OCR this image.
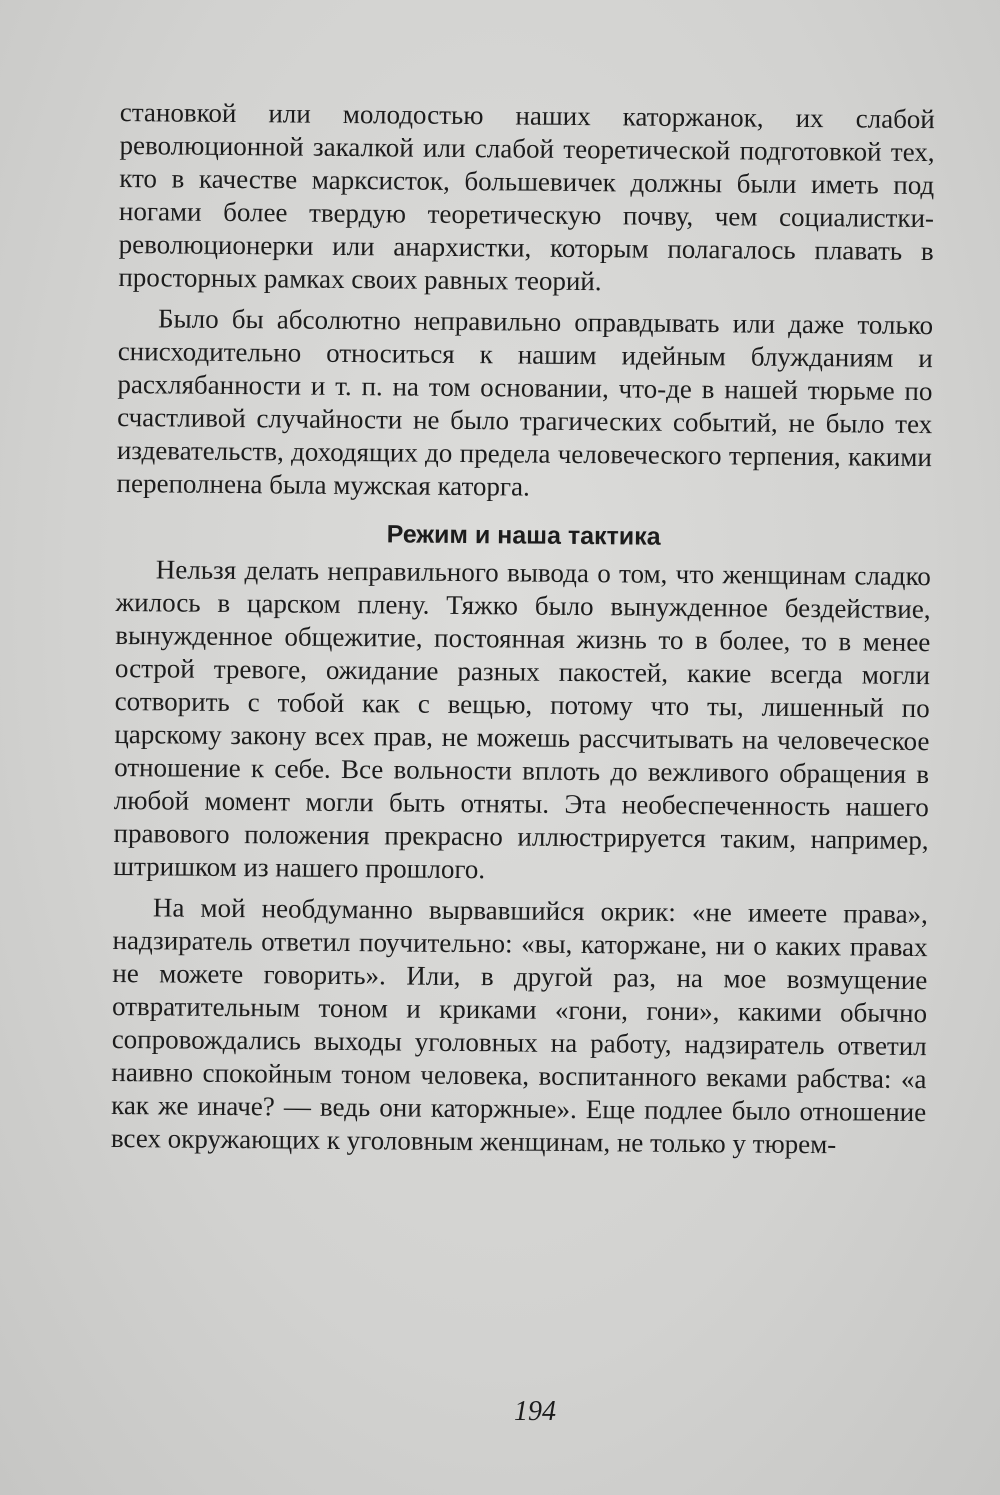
становкой или молодостью наших каторжанок, их слабой революционной закалкой или слабой теоретической подготовкой тех, кто в качестве марксисток, большевичек должны были иметь под ногами более твердую теоретическую почву, чем социалистки-революционерки или анархистки, которым полагалось плавать в просторных рамках своих равных теорий.

Было бы абсолютно неправильно оправдывать или даже только снисходительно относиться к нашим идейным блужданиям и расхлябанности и т. п. на том основании, что-де в нашей тюрьме по счастливой случайности не было трагических событий, не было тех издевательств, доходящих до предела человеческого терпения, какими переполнена была мужская каторга.

Режим и наша тактика

Нельзя делать неправильного вывода о том, что женщинам сладко жилось в царском плену. Тяжко было вынужденное бездействие, вынужденное общежитие, постоянная жизнь то в более, то в менее острой тревоге, ожидание разных пакостей, какие всегда могли сотворить с тобой как с вещью, потому что ты, лишенный по царскому закону всех прав, не можешь рассчитывать на человеческое отношение к себе. Все вольности вплоть до вежливого обращения в любой момент могли быть отняты. Эта необеспеченность нашего правового положения прекрасно иллюстрируется таким, например, штришком из нашего прошлого.

На мой необдуманно вырвавшийся окрик: «не имеете права», надзиратель ответил поучительно: «вы, каторжане, ни о каких правах не можете говорить». Или, в другой раз, на мое возмущение отвратительным тоном и криками «гони, гони», какими обычно сопровождались выходы уголовных на работу, надзиратель ответил наивно спокойным тоном человека, воспитанного веками рабства: «а как же иначе? — ведь они каторжные». Еще подлее было отношение всех окружающих к уголовным женщинам, не только у тюрем-

194
